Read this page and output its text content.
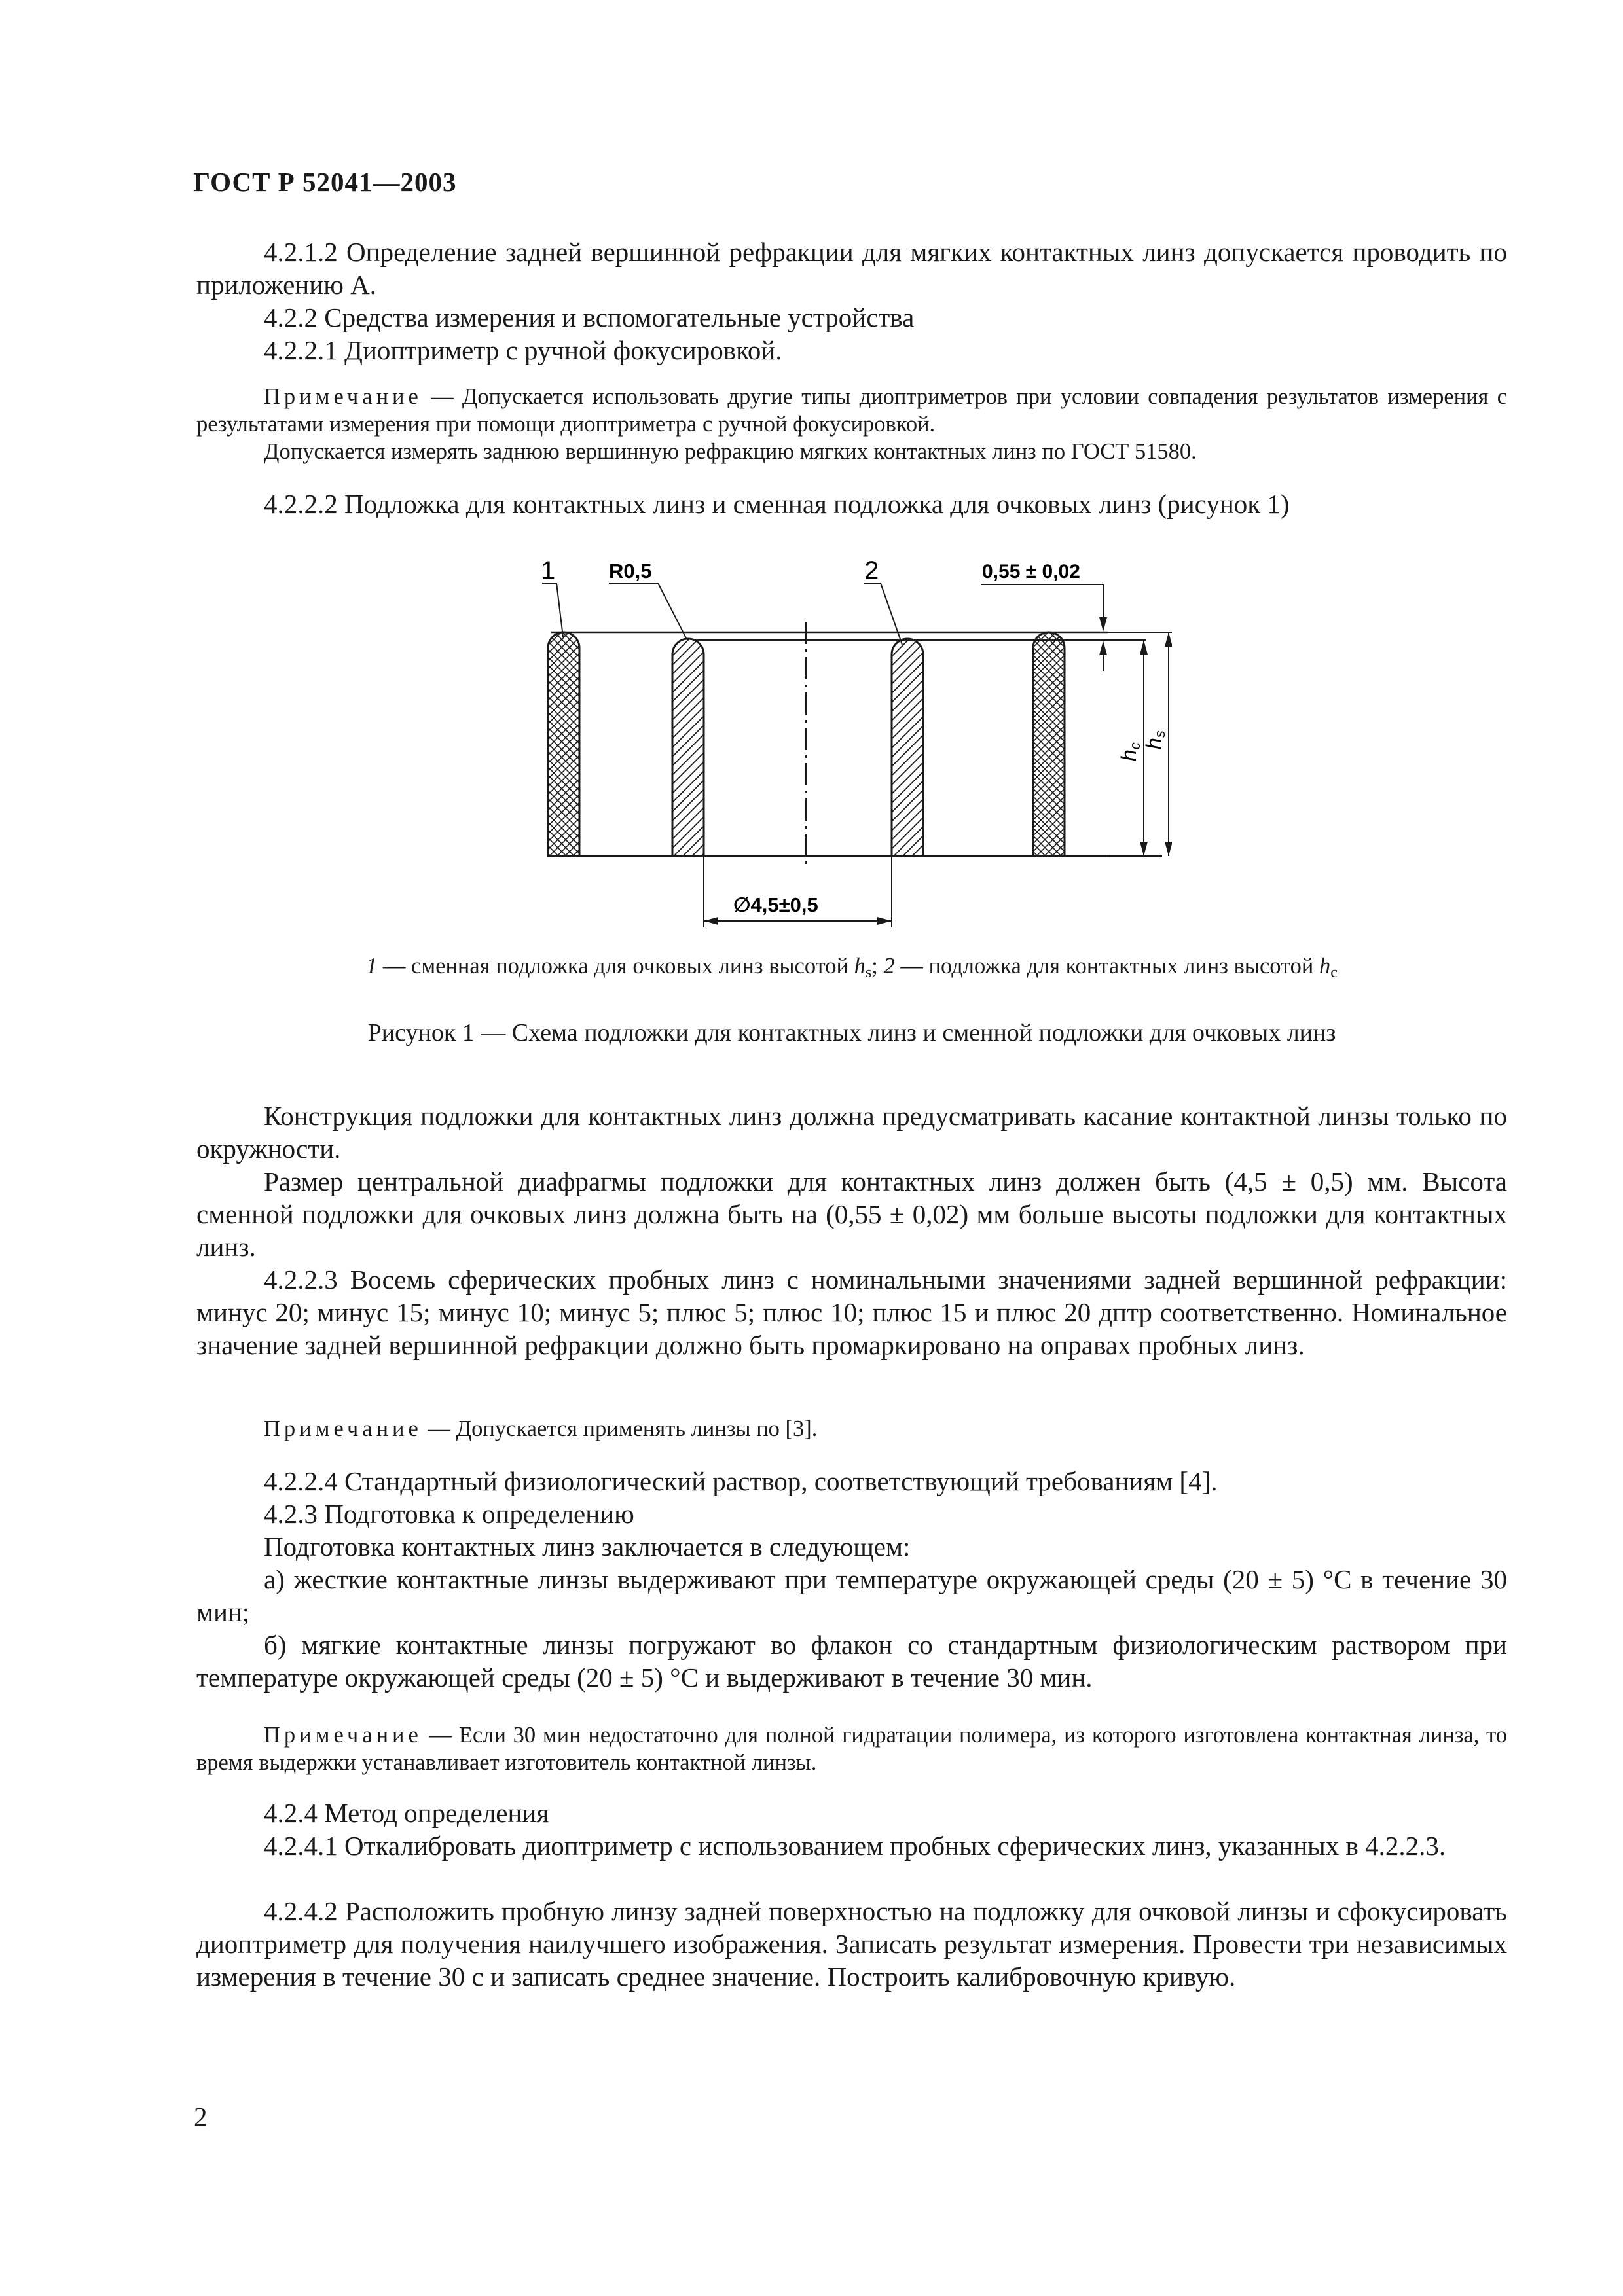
ГОСТ Р 52041—2003
4.2.1.2 Определение задней вершинной рефракции для мягких контактных линз допускается проводить по приложению А.
4.2.2 Средства измерения и вспомогательные устройства
4.2.2.1 Диоптриметр с ручной фокусировкой.
Примечание — Допускается использовать другие типы диоптриметров при условии совпадения результатов измерения с результатами измерения при помощи диоптриметра с ручной фокусировкой.
Допускается измерять заднюю вершинную рефракцию мягких контактных линз по ГОСТ 51580.
4.2.2.2 Подложка для контактных линз и сменная подложка для очковых линз (рисунок 1)
1	R0,5	2	0,55 ± 0,02
hc
hs
∅4,5±0,5
1 — сменная подложка для очковых линз высотой $h_s$; 2 — подложка для контактных линз высотой $h_c$
Рисунок 1 — Схема подложки для контактных линз и сменной подложки для очковых линз
Конструкция подложки для контактных линз должна предусматривать касание контактной линзы только по окружности.
Размер центральной диафрагмы подложки для контактных линз должен быть (4,5 ± 0,5) мм. Высота сменной подложки для очковых линз должна быть на (0,55 ± 0,02) мм больше высоты подложки для контактных линз.
4.2.2.3 Восемь сферических пробных линз с номинальными значениями задней вершинной рефракции: минус 20; минус 15; минус 10; минус 5; плюс 5; плюс 10; плюс 15 и плюс 20 дптр соответственно. Номинальное значение задней вершинной рефракции должно быть промаркировано на оправах пробных линз.
Примечание — Допускается применять линзы по [3].
4.2.2.4 Стандартный физиологический раствор, соответствующий требованиям [4].
4.2.3 Подготовка к определению
Подготовка контактных линз заключается в следующем:
а) жесткие контактные линзы выдерживают при температуре окружающей среды (20 ± 5) °С в течение 30 мин;
б) мягкие контактные линзы погружают во флакон со стандартным физиологическим раствором при температуре окружающей среды (20 ± 5) °С и выдерживают в течение 30 мин.
Примечание — Если 30 мин недостаточно для полной гидратации полимера, из которого изготовлена контактная линза, то время выдержки устанавливает изготовитель контактной линзы.
4.2.4 Метод определения
4.2.4.1 Откалибровать диоптриметр с использованием пробных сферических линз, указанных в 4.2.2.3.
4.2.4.2 Расположить пробную линзу задней поверхностью на подложку для очковой линзы и сфокусировать диоптриметр для получения наилучшего изображения. Записать результат измерения. Провести три независимых измерения в течение 30 с и записать среднее значение. Построить калибровочную кривую.
2
